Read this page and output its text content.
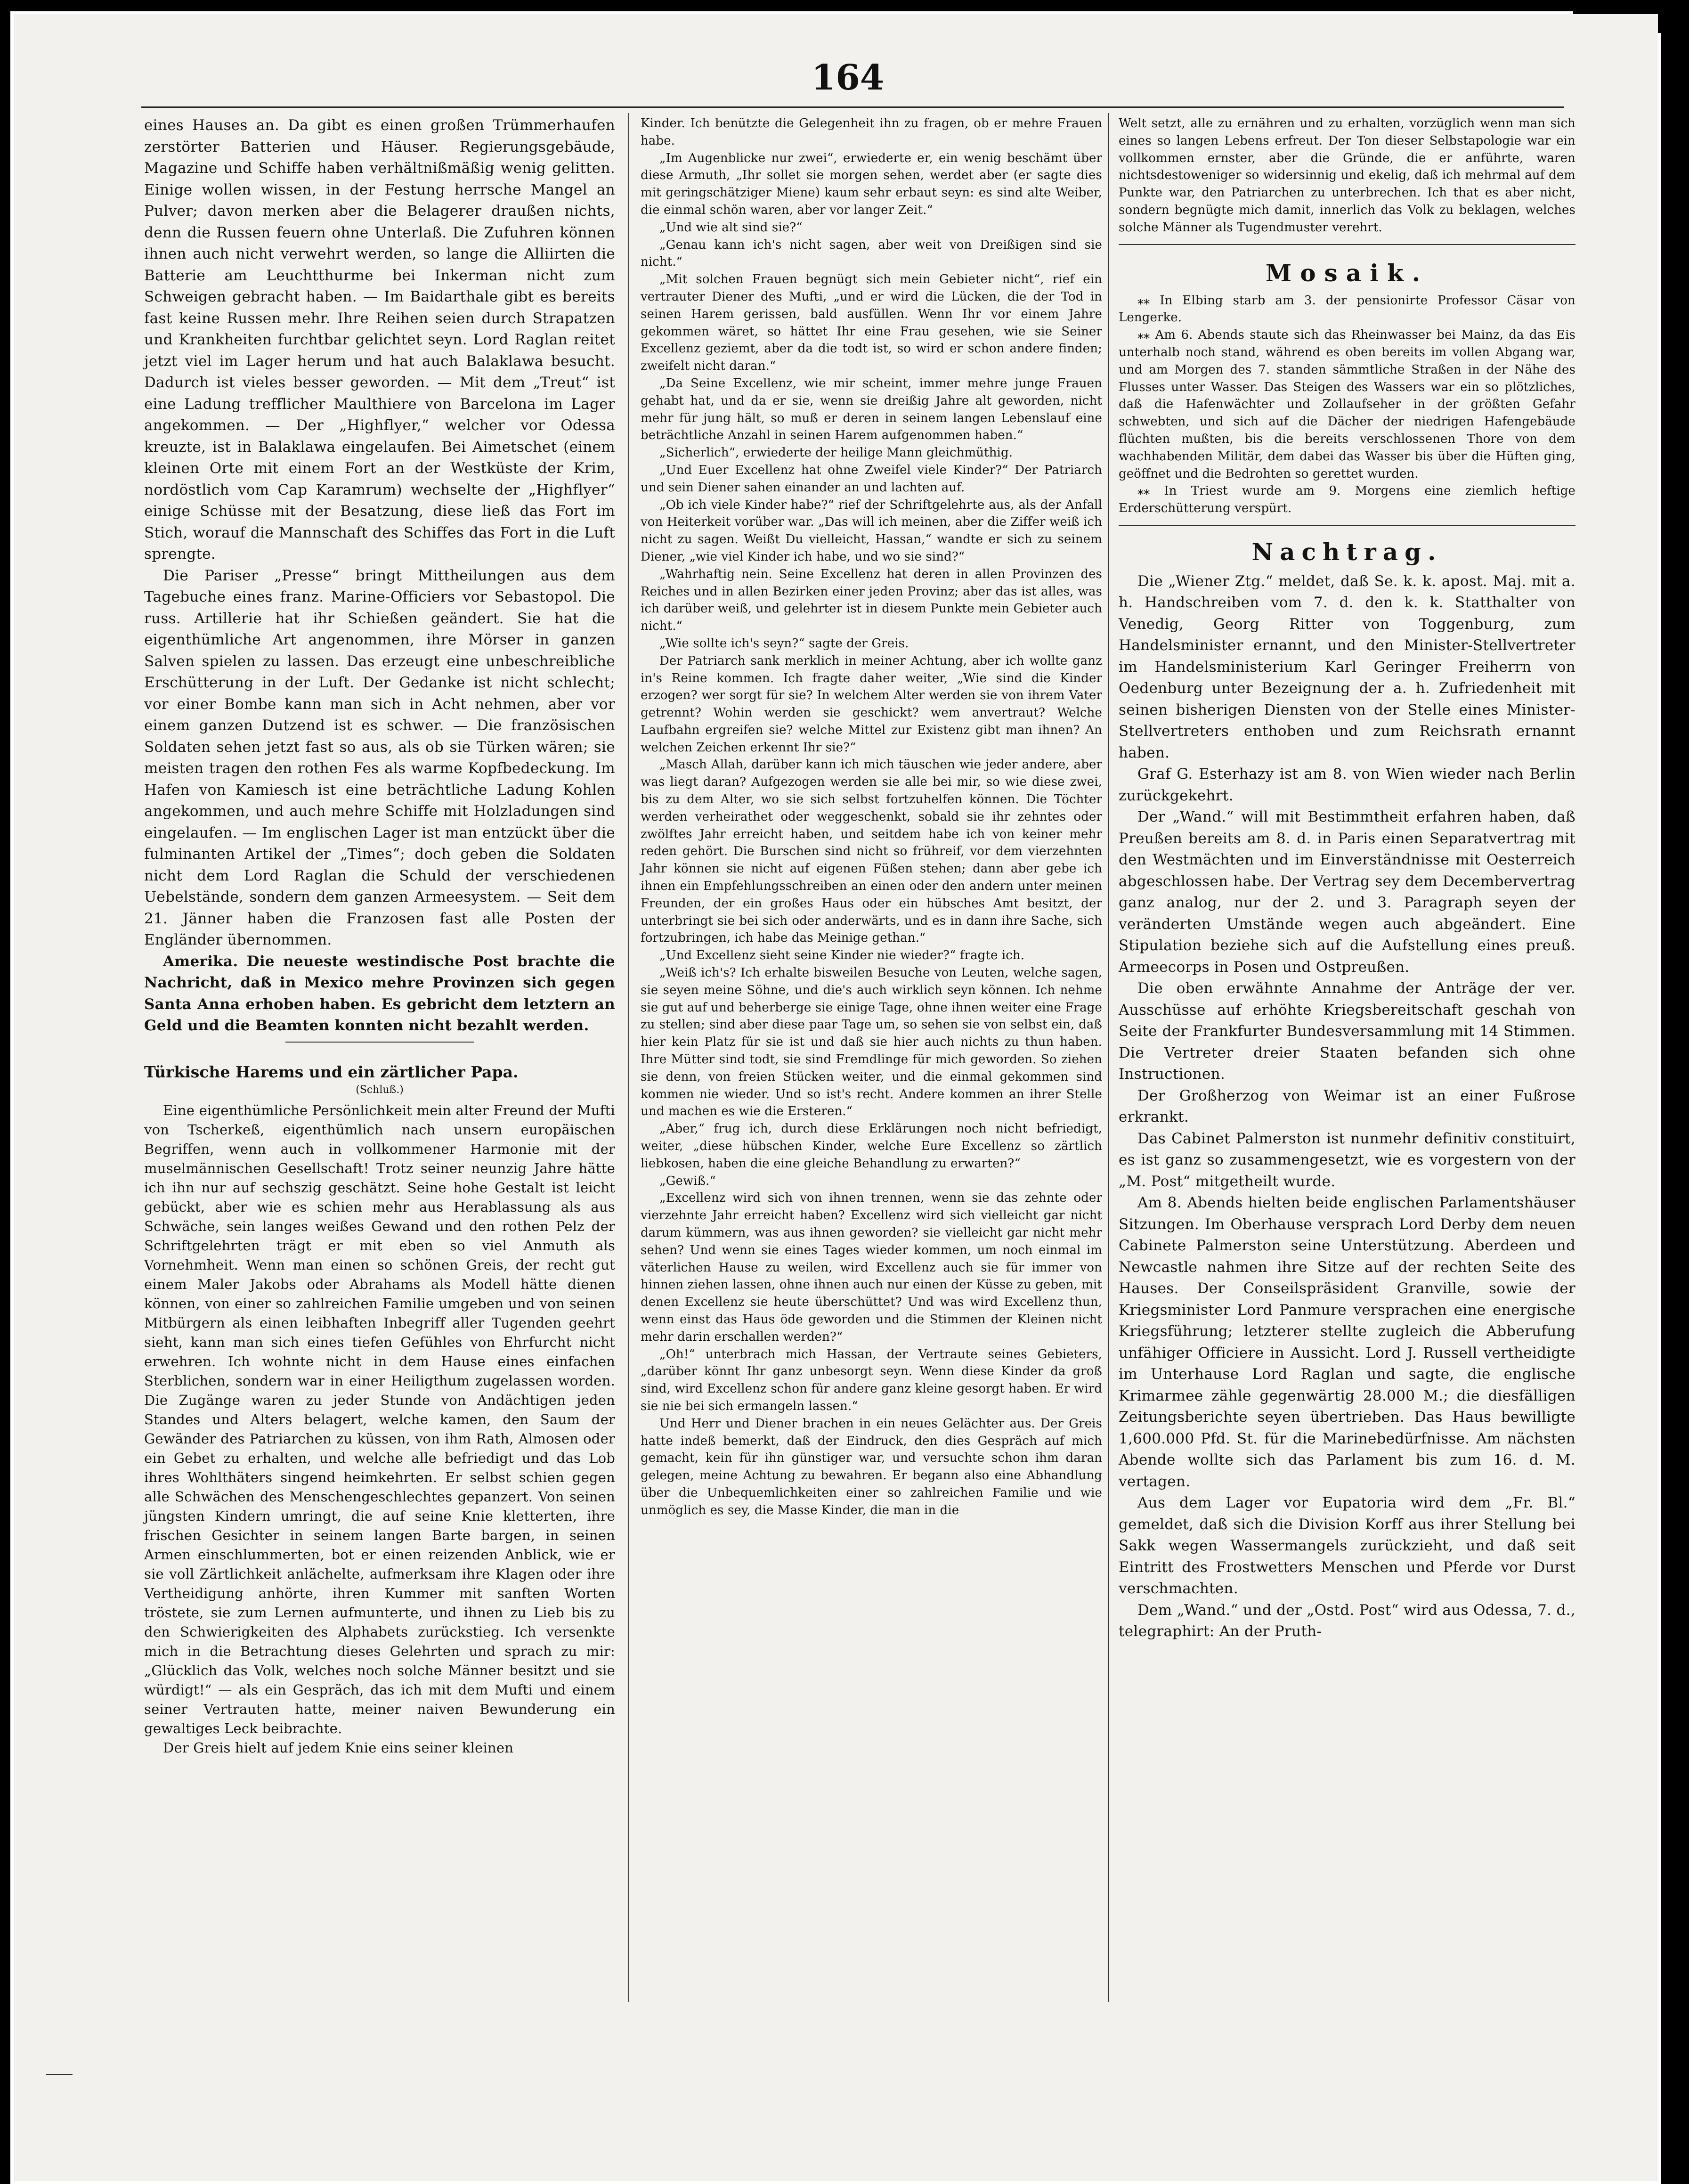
164

eines Hauses an. Da gibt es einen großen Trümmerhaufen zerstörter Batterien und Häuser. Regierungsgebäude, Magazine und Schiffe haben verhältnißmäßig wenig gelitten. Einige wollen wissen, in der Festung herrsche Mangel an Pulver; davon merken aber die Belagerer draußen nichts, denn die Russen feuern ohne Unterlaß. Die Zufuhren können ihnen auch nicht verwehrt werden, so lange die Alliirten die Batterie am Leuchtthurme bei Inkerman nicht zum Schweigen gebracht haben. — Im Baidarthale gibt es bereits fast keine Russen mehr. Ihre Reihen seien durch Strapatzen und Krankheiten furchtbar gelichtet seyn. Lord Raglan reitet jetzt viel im Lager herum und hat auch Balaklawa besucht. Dadurch ist vieles besser geworden. — Mit dem „Treut“ ist eine Ladung trefflicher Maulthiere von Barcelona im Lager angekommen. — Der „Highflyer,“ welcher vor Odessa kreuzte, ist in Balaklawa eingelaufen. Bei Aimetschet (einem kleinen Orte mit einem Fort an der Westküste der Krim, nordöstlich vom Cap Karamrum) wechselte der „Highflyer“ einige Schüsse mit der Besatzung, diese ließ das Fort im Stich, worauf die Mannschaft des Schiffes das Fort in die Luft sprengte.

Die Pariser „Presse“ bringt Mittheilungen aus dem Tagebuche eines franz. Marine-Officiers vor Sebastopol. Die russ. Artillerie hat ihr Schießen geändert. Sie hat die eigenthümliche Art angenommen, ihre Mörser in ganzen Salven spielen zu lassen. Das erzeugt eine unbeschreibliche Erschütterung in der Luft. Der Gedanke ist nicht schlecht; vor einer Bombe kann man sich in Acht nehmen, aber vor einem ganzen Dutzend ist es schwer. — Die französischen Soldaten sehen jetzt fast so aus, als ob sie Türken wären; sie meisten tragen den rothen Fes als warme Kopfbedeckung. Im Hafen von Kamiesch ist eine beträchtliche Ladung Kohlen angekommen, und auch mehre Schiffe mit Holzladungen sind eingelaufen. — Im englischen Lager ist man entzückt über die fulminanten Artikel der „Times“; doch geben die Soldaten nicht dem Lord Raglan die Schuld der verschiedenen Uebelstände, sondern dem ganzen Armeesystem. — Seit dem 21. Jänner haben die Franzosen fast alle Posten der Engländer übernommen.

Amerika. Die neueste westindische Post brachte die Nachricht, daß in Mexico mehre Provinzen sich gegen Santa Anna erhoben haben. Es gebricht dem letztern an Geld und die Beamten konnten nicht bezahlt werden.

Türkische Harems und ein zärtlicher Papa.
(Schluß.)

Eine eigenthümliche Persönlichkeit mein alter Freund der Mufti von Tscherkeß, eigenthümlich nach unsern europäischen Begriffen, wenn auch in vollkommener Harmonie mit der muselmännischen Gesellschaft! Trotz seiner neunzig Jahre hätte ich ihn nur auf sechszig geschätzt. Seine hohe Gestalt ist leicht gebückt, aber wie es schien mehr aus Herablassung als aus Schwäche, sein langes weißes Gewand und den rothen Pelz der Schriftgelehrten trägt er mit eben so viel Anmuth als Vornehmheit. Wenn man einen so schönen Greis, der recht gut einem Maler Jakobs oder Abrahams als Modell hätte dienen können, von einer so zahlreichen Familie umgeben und von seinen Mitbürgern als einen leibhaften Inbegriff aller Tugenden geehrt sieht, kann man sich eines tiefen Gefühles von Ehrfurcht nicht erwehren. Ich wohnte nicht in dem Hause eines einfachen Sterblichen, sondern war in einer Heiligthum zugelassen worden. Die Zugänge waren zu jeder Stunde von Andächtigen jeden Standes und Alters belagert, welche kamen, den Saum der Gewänder des Patriarchen zu küssen, von ihm Rath, Almosen oder ein Gebet zu erhalten, und welche alle befriedigt und das Lob ihres Wohlthäters singend heimkehrten. Er selbst schien gegen alle Schwächen des Menschengeschlechtes gepanzert. Von seinen jüngsten Kindern umringt, die auf seine Knie kletterten, ihre frischen Gesichter in seinem langen Barte bargen, in seinen Armen einschlummerten, bot er einen reizenden Anblick, wie er sie voll Zärtlichkeit anlächelte, aufmerksam ihre Klagen oder ihre Vertheidigung anhörte, ihren Kummer mit sanften Worten tröstete, sie zum Lernen aufmunterte, und ihnen zu Lieb bis zu den Schwierigkeiten des Alphabets zurückstieg. Ich versenkte mich in die Betrachtung dieses Gelehrten und sprach zu mir: „Glücklich das Volk, welches noch solche Männer besitzt und sie würdigt!“ — als ein Gespräch, das ich mit dem Mufti und einem seiner Vertrauten hatte, meiner naiven Bewunderung ein gewaltiges Leck beibrachte.

Der Greis hielt auf jedem Knie eins seiner kleinen

Kinder. Ich benützte die Gelegenheit ihn zu fragen, ob er mehre Frauen habe.

„Im Augenblicke nur zwei“, erwiederte er, ein wenig beschämt über diese Armuth, „Ihr sollet sie morgen sehen, werdet aber (er sagte dies mit geringschätziger Miene) kaum sehr erbaut seyn: es sind alte Weiber, die einmal schön waren, aber vor langer Zeit.“

„Und wie alt sind sie?“

„Genau kann ich's nicht sagen, aber weit von Dreißigen sind sie nicht.“

„Mit solchen Frauen begnügt sich mein Gebieter nicht“, rief ein vertrauter Diener des Mufti, „und er wird die Lücken, die der Tod in seinen Harem gerissen, bald ausfüllen. Wenn Ihr vor einem Jahre gekommen wäret, so hättet Ihr eine Frau gesehen, wie sie Seiner Excellenz geziemt, aber da die todt ist, so wird er schon andere finden; zweifelt nicht daran.“

„Da Seine Excellenz, wie mir scheint, immer mehre junge Frauen gehabt hat, und da er sie, wenn sie dreißig Jahre alt geworden, nicht mehr für jung hält, so muß er deren in seinem langen Lebenslauf eine beträchtliche Anzahl in seinen Harem aufgenommen haben.“

„Sicherlich“, erwiederte der heilige Mann gleichmüthig.

„Und Euer Excellenz hat ohne Zweifel viele Kinder?“ Der Patriarch und sein Diener sahen einander an und lachten auf.

„Ob ich viele Kinder habe?“ rief der Schriftgelehrte aus, als der Anfall von Heiterkeit vorüber war. „Das will ich meinen, aber die Ziffer weiß ich nicht zu sagen. Weißt Du vielleicht, Hassan,“ wandte er sich zu seinem Diener, „wie viel Kinder ich habe, und wo sie sind?“

„Wahrhaftig nein. Seine Excellenz hat deren in allen Provinzen des Reiches und in allen Bezirken einer jeden Provinz; aber das ist alles, was ich darüber weiß, und gelehrter ist in diesem Punkte mein Gebieter auch nicht.“

„Wie sollte ich's seyn?“ sagte der Greis.

Der Patriarch sank merklich in meiner Achtung, aber ich wollte ganz in's Reine kommen. Ich fragte daher weiter, „Wie sind die Kinder erzogen? wer sorgt für sie? In welchem Alter werden sie von ihrem Vater getrennt? Wohin werden sie geschickt? wem anvertraut? Welche Laufbahn ergreifen sie? welche Mittel zur Existenz gibt man ihnen? An welchen Zeichen erkennt Ihr sie?“

„Masch Allah, darüber kann ich mich täuschen wie jeder andere, aber was liegt daran? Aufgezogen werden sie alle bei mir, so wie diese zwei, bis zu dem Alter, wo sie sich selbst fortzuhelfen können. Die Töchter werden verheirathet oder weggeschenkt, sobald sie ihr zehntes oder zwölftes Jahr erreicht haben, und seitdem habe ich von keiner mehr reden gehört. Die Burschen sind nicht so frühreif, vor dem vierzehnten Jahr können sie nicht auf eigenen Füßen stehen; dann aber gebe ich ihnen ein Empfehlungsschreiben an einen oder den andern unter meinen Freunden, der ein großes Haus oder ein hübsches Amt besitzt, der unterbringt sie bei sich oder anderwärts, und es in dann ihre Sache, sich fortzubringen, ich habe das Meinige gethan.“

„Und Excellenz sieht seine Kinder nie wieder?“ fragte ich.

„Weiß ich's? Ich erhalte bisweilen Besuche von Leuten, welche sagen, sie seyen meine Söhne, und die's auch wirklich seyn können. Ich nehme sie gut auf und beherberge sie einige Tage, ohne ihnen weiter eine Frage zu stellen; sind aber diese paar Tage um, so sehen sie von selbst ein, daß hier kein Platz für sie ist und daß sie hier auch nichts zu thun haben. Ihre Mütter sind todt, sie sind Fremdlinge für mich geworden. So ziehen sie denn, von freien Stücken weiter, und die einmal gekommen sind kommen nie wieder. Und so ist's recht. Andere kommen an ihrer Stelle und machen es wie die Ersteren.“

„Aber,“ frug ich, durch diese Erklärungen noch nicht befriedigt, weiter, „diese hübschen Kinder, welche Eure Excellenz so zärtlich liebkosen, haben die eine gleiche Behandlung zu erwarten?“

„Gewiß.“

„Excellenz wird sich von ihnen trennen, wenn sie das zehnte oder vierzehnte Jahr erreicht haben? Excellenz wird sich vielleicht gar nicht darum kümmern, was aus ihnen geworden? sie vielleicht gar nicht mehr sehen? Und wenn sie eines Tages wieder kommen, um noch einmal im väterlichen Hause zu weilen, wird Excellenz auch sie für immer von hinnen ziehen lassen, ohne ihnen auch nur einen der Küsse zu geben, mit denen Excellenz sie heute überschüttet? Und was wird Excellenz thun, wenn einst das Haus öde geworden und die Stimmen der Kleinen nicht mehr darin erschallen werden?“

„Oh!“ unterbrach mich Hassan, der Vertraute seines Gebieters, „darüber könnt Ihr ganz unbesorgt seyn. Wenn diese Kinder da groß sind, wird Excellenz schon für andere ganz kleine gesorgt haben. Er wird sie nie bei sich ermangeln lassen.“

Und Herr und Diener brachen in ein neues Gelächter aus. Der Greis hatte indeß bemerkt, daß der Eindruck, den dies Gespräch auf mich gemacht, kein für ihn günstiger war, und versuchte schon ihm daran gelegen, meine Achtung zu bewahren. Er begann also eine Abhandlung über die Unbequemlichkeiten einer so zahlreichen Familie und wie unmöglich es sey, die Masse Kinder, die man in die

Welt setzt, alle zu ernähren und zu erhalten, vorzüglich wenn man sich eines so langen Lebens erfreut. Der Ton dieser Selbstapologie war ein vollkommen ernster, aber die Gründe, die er anführte, waren nichtsdestoweniger so widersinnig und ekelig, daß ich mehrmal auf dem Punkte war, den Patriarchen zu unterbrechen. Ich that es aber nicht, sondern begnügte mich damit, innerlich das Volk zu beklagen, welches solche Männer als Tugendmuster verehrt.

Mosaik.

⁎⁎ In Elbing starb am 3. der pensionirte Professor Cäsar von Lengerke.

⁎⁎ Am 6. Abends staute sich das Rheinwasser bei Mainz, da das Eis unterhalb noch stand, während es oben bereits im vollen Abgang war, und am Morgen des 7. standen sämmtliche Straßen in der Nähe des Flusses unter Wasser. Das Steigen des Wassers war ein so plötzliches, daß die Hafenwächter und Zollaufseher in der größten Gefahr schwebten, und sich auf die Dächer der niedrigen Hafengebäude flüchten mußten, bis die bereits verschlossenen Thore von dem wachhabenden Militär, dem dabei das Wasser bis über die Hüften ging, geöffnet und die Bedrohten so gerettet wurden.

⁎⁎ In Triest wurde am 9. Morgens eine ziemlich heftige Erderschütterung verspürt.

Nachtrag.

Die „Wiener Ztg.“ meldet, daß Se. k. k. apost. Maj. mit a. h. Handschreiben vom 7. d. den k. k. Statthalter von Venedig, Georg Ritter von Toggenburg, zum Handelsminister ernannt, und den Minister-Stellvertreter im Handelsministerium Karl Geringer Freiherrn von Oedenburg unter Bezeignung der a. h. Zufriedenheit mit seinen bisherigen Diensten von der Stelle eines Minister-Stellvertreters enthoben und zum Reichsrath ernannt haben.

Graf G. Esterhazy ist am 8. von Wien wieder nach Berlin zurückgekehrt.

Der „Wand.“ will mit Bestimmtheit erfahren haben, daß Preußen bereits am 8. d. in Paris einen Separatvertrag mit den Westmächten und im Einverständnisse mit Oesterreich abgeschlossen habe. Der Vertrag sey dem Decembervertrag ganz analog, nur der 2. und 3. Paragraph seyen der veränderten Umstände wegen auch abgeändert. Eine Stipulation beziehe sich auf die Aufstellung eines preuß. Armeecorps in Posen und Ostpreußen.

Die oben erwähnte Annahme der Anträge der ver. Ausschüsse auf erhöhte Kriegsbereitschaft geschah von Seite der Frankfurter Bundesversammlung mit 14 Stimmen. Die Vertreter dreier Staaten befanden sich ohne Instructionen.

Der Großherzog von Weimar ist an einer Fußrose erkrankt.

Das Cabinet Palmerston ist nunmehr definitiv constituirt, es ist ganz so zusammengesetzt, wie es vorgestern von der „M. Post“ mitgetheilt wurde.

Am 8. Abends hielten beide englischen Parlamentshäuser Sitzungen. Im Oberhause versprach Lord Derby dem neuen Cabinete Palmerston seine Unterstützung. Aberdeen und Newcastle nahmen ihre Sitze auf der rechten Seite des Hauses. Der Conseilspräsident Granville, sowie der Kriegsminister Lord Panmure versprachen eine energische Kriegsführung; letzterer stellte zugleich die Abberufung unfähiger Officiere in Aussicht. Lord J. Russell vertheidigte im Unterhause Lord Raglan und sagte, die englische Krimarmee zähle gegenwärtig 28.000 M.; die diesfälligen Zeitungsberichte seyen übertrieben. Das Haus bewilligte 1,600.000 Pfd. St. für die Marinebedürfnisse. Am nächsten Abende wollte sich das Parlament bis zum 16. d. M. vertagen.

Aus dem Lager vor Eupatoria wird dem „Fr. Bl.“ gemeldet, daß sich die Division Korff aus ihrer Stellung bei Sakk wegen Wassermangels zurückzieht, und daß seit Eintritt des Frostwetters Menschen und Pferde vor Durst verschmachten.

Dem „Wand.“ und der „Ostd. Post“ wird aus Odessa, 7. d., telegraphirt: An der Pruth-
